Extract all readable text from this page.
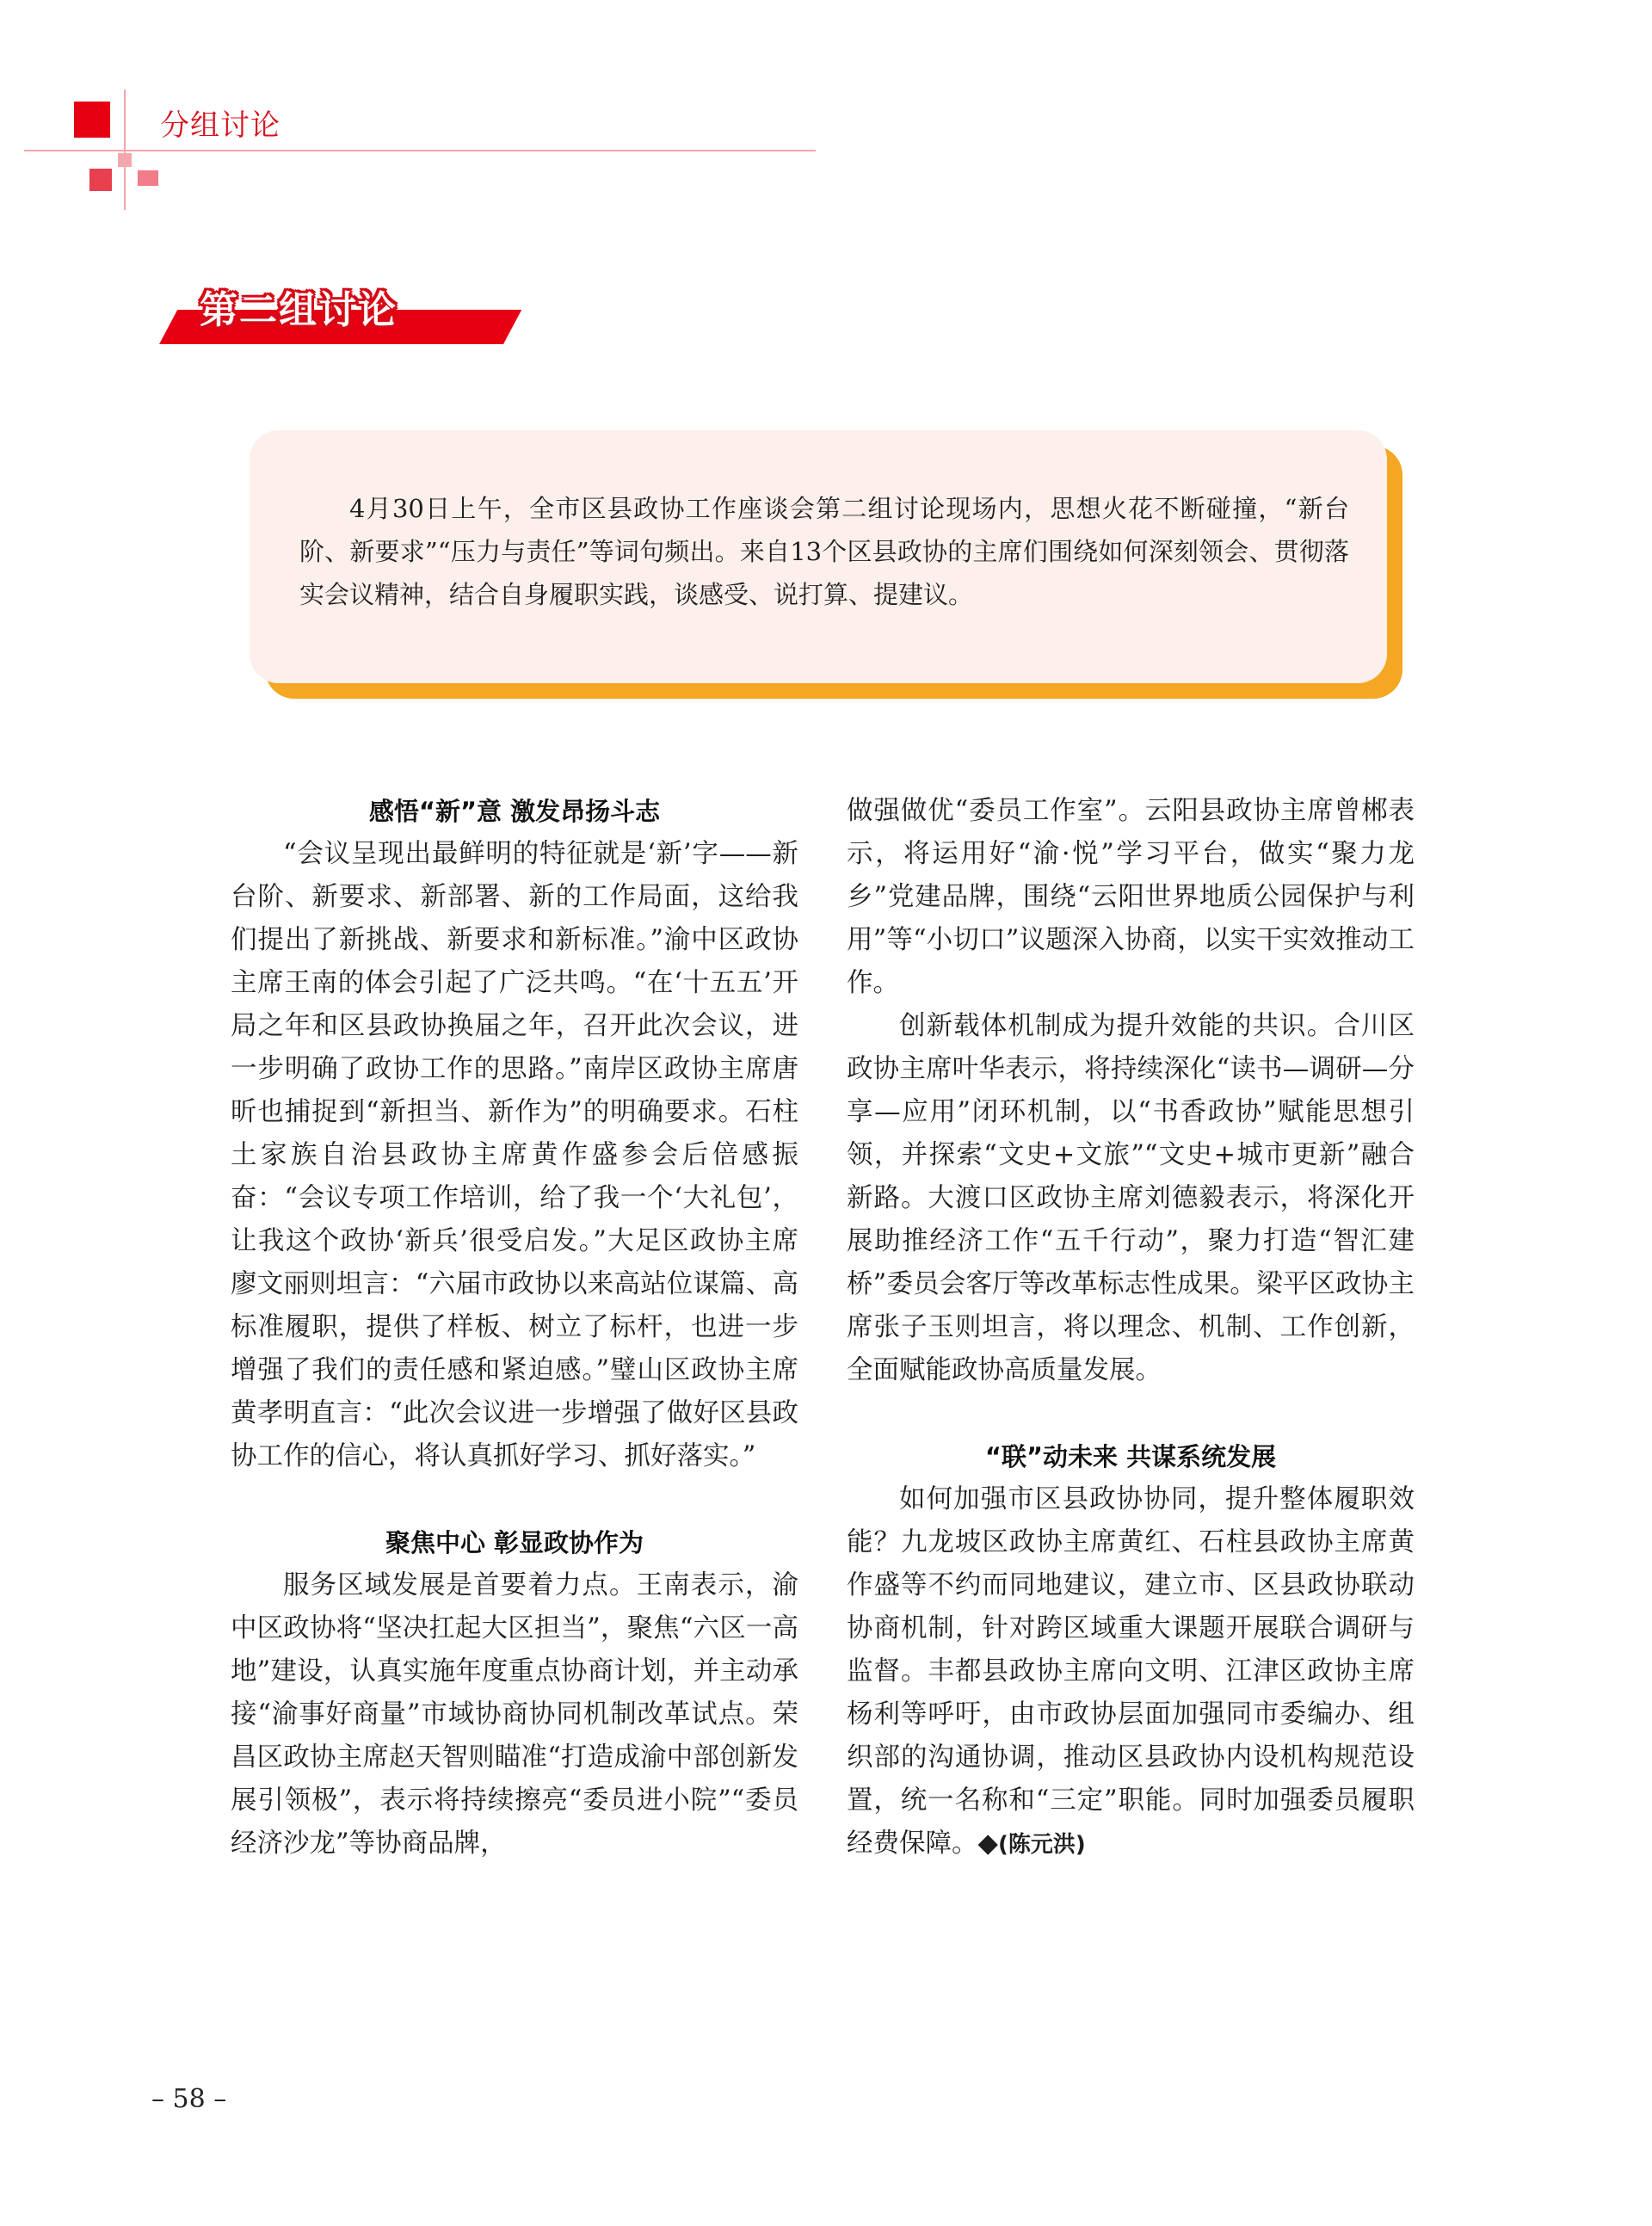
分组讨论
第二组讨论
4月30日上午，全市区县政协工作座谈会第二组讨论现场内，思想火花不断碰撞，“新台阶、新要求”“压力与责任”等词句频出。来自13个区县政协的主席们围绕如何深刻领会、贯彻落实会议精神，结合自身履职实践，谈感受、说打算、提建议。
感悟“新”意 激发昂扬斗志

“会议呈现出最鲜明的特征就是‘新’字——新台阶、新要求、新部署、新的工作局面，这给我们提出了新挑战、新要求和新标准。”渝中区政协主席王南的体会引起了广泛共鸣。“在‘十五五’开局之年和区县政协换届之年，召开此次会议，进一步明确了政协工作的思路。”南岸区政协主席唐昕也捕捉到“新担当、新作为”的明确要求。石柱土家族自治县政协主席黄作盛参会后倍感振奋：“会议专项工作培训，给了我一个‘大礼包’，让我这个政协‘新兵’很受启发。”大足区政协主席廖文丽则坦言：“六届市政协以来高站位谋篇、高标准履职，提供了样板、树立了标杆，也进一步增强了我们的责任感和紧迫感。”璧山区政协主席黄孝明直言：“此次会议进一步增强了做好区县政协工作的信心，将认真抓好学习、抓好落实。”

聚焦中心 彰显政协作为

服务区域发展是首要着力点。王南表示，渝中区政协将“坚决扛起大区担当”，聚焦“六区一高地”建设，认真实施年度重点协商计划，并主动承接“渝事好商量”市域协商协同机制改革试点。荣昌区政协主席赵天智则瞄准“打造成渝中部创新发展引领极”，表示将持续擦亮“委员进小院”“委员经济沙龙”等协商品牌，

做强做优“委员工作室”。云阳县政协主席曾郴表示，将运用好“渝·悦”学习平台，做实“聚力龙乡”党建品牌，围绕“云阳世界地质公园保护与利用”等“小切口”议题深入协商，以实干实效推动工作。

创新载体机制成为提升效能的共识。合川区政协主席叶华表示，将持续深化“读书—调研—分享—应用”闭环机制，以“书香政协”赋能思想引领，并探索“文史+文旅”“文史+城市更新”融合新路。大渡口区政协主席刘德毅表示，将深化开展助推经济工作“五千行动”，聚力打造“智汇建桥”委员会客厅等改革标志性成果。梁平区政协主席张子玉则坦言，将以理念、机制、工作创新，全面赋能政协高质量发展。

“联”动未来 共谋系统发展

如何加强市区县政协协同，提升整体履职效能？九龙坡区政协主席黄红、石柱县政协主席黄作盛等不约而同地建议，建立市、区县政协联动协商机制，针对跨区域重大课题开展联合调研与监督。丰都县政协主席向文明、江津区政协主席杨利等呼吁，由市政协层面加强同市委编办、组织部的沟通协调，推动区县政协内设机构规范设置，统一名称和“三定”职能。同时加强委员履职经费保障。◆(陈元洪)

– 58 –
